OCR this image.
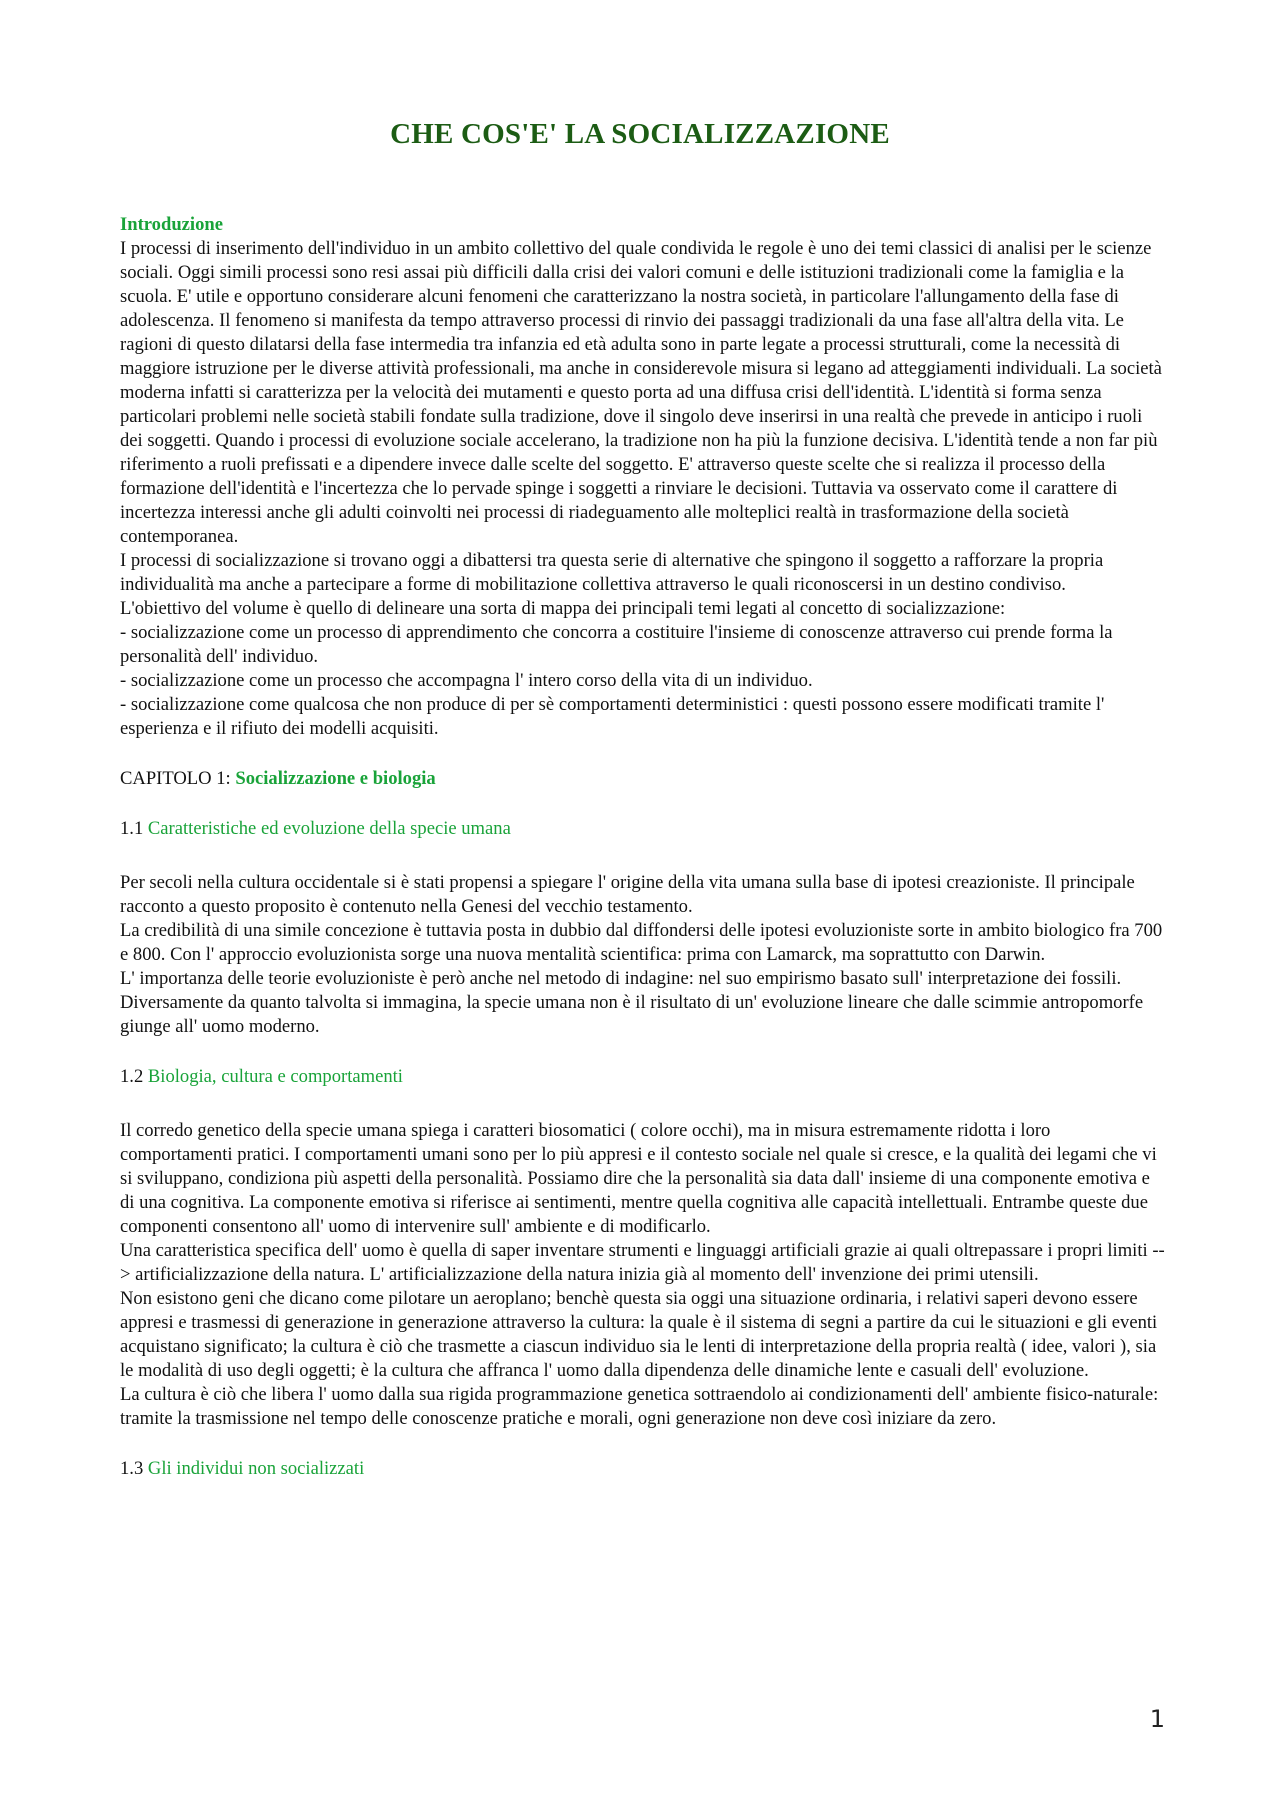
CHE COS'E' LA SOCIALIZZAZIONE

Introduzione

I processi di inserimento dell'individuo in un ambito collettivo del quale condivida le regole è uno dei temi classici di analisi per le scienze sociali. Oggi simili processi sono resi assai più difficili dalla crisi dei valori comuni e delle istituzioni tradizionali come la famiglia e la scuola. E' utile e opportuno considerare alcuni fenomeni che caratterizzano la nostra società, in particolare l'allungamento della fase di adolescenza. Il fenomeno si manifesta da tempo attraverso processi di rinvio dei passaggi tradizionali da una fase all'altra della vita. Le ragioni di questo dilatarsi della fase intermedia tra infanzia ed età adulta sono in parte legate a processi strutturali, come la necessità di maggiore istruzione per le diverse attività professionali, ma anche in considerevole misura si legano ad atteggiamenti individuali. La società moderna infatti si caratterizza per la velocità dei mutamenti e questo porta ad una diffusa crisi dell'identità. L'identità si forma senza particolari problemi nelle società stabili fondate sulla tradizione, dove il singolo deve inserirsi in una realtà che prevede in anticipo i ruoli dei soggetti. Quando i processi di evoluzione sociale accelerano, la tradizione non ha più la funzione decisiva. L'identità tende a non far più riferimento a ruoli prefissati e a dipendere invece dalle scelte del soggetto. E' attraverso queste scelte che si realizza il processo della formazione dell'identità e l'incertezza che lo pervade spinge i soggetti a rinviare le decisioni. Tuttavia va osservato come il carattere di incertezza interessi anche gli adulti coinvolti nei processi di riadeguamento alle molteplici realtà in trasformazione della società contemporanea.

I processi di socializzazione si trovano oggi a dibattersi tra questa serie di alternative che spingono il soggetto a rafforzare la propria individualità ma anche a partecipare a forme di mobilitazione collettiva attraverso le quali riconoscersi in un destino condiviso.

L'obiettivo del volume è quello di delineare una sorta di mappa dei principali temi legati al concetto di socializzazione:

- socializzazione come un processo di apprendimento che concorra a costituire l'insieme di conoscenze attraverso cui prende forma la personalità dell' individuo.

- socializzazione come un processo che accompagna l' intero corso della vita di un individuo.

- socializzazione come qualcosa che non produce di per sè comportamenti deterministici : questi possono essere modificati tramite l' esperienza e il rifiuto dei modelli acquisiti.

CAPITOLO 1: Socializzazione e biologia

1.1 Caratteristiche ed evoluzione della specie umana

Per secoli nella cultura occidentale si è stati propensi a spiegare l' origine della vita umana sulla base di ipotesi creazioniste. Il principale racconto a questo proposito è contenuto nella Genesi del vecchio testamento.

La credibilità di una simile concezione è tuttavia posta in dubbio dal diffondersi delle ipotesi evoluzioniste sorte in ambito biologico fra 700 e 800. Con l' approccio evoluzionista sorge una nuova mentalità scientifica: prima con Lamarck, ma soprattutto con Darwin.

L' importanza delle teorie evoluzioniste è però anche nel metodo di indagine: nel suo empirismo basato sull' interpretazione dei fossili.

Diversamente da quanto talvolta si immagina, la specie umana non è il risultato di un' evoluzione lineare che dalle scimmie antropomorfe giunge all' uomo moderno.

1.2 Biologia, cultura e comportamenti

Il corredo genetico della specie umana spiega i caratteri biosomatici ( colore occhi), ma in misura estremamente ridotta i loro comportamenti pratici. I comportamenti umani sono per lo più appresi e il contesto sociale nel quale si cresce, e la qualità dei legami che vi si sviluppano, condiziona più aspetti della personalità. Possiamo dire che la personalità sia data dall' insieme di una componente emotiva e di una cognitiva. La componente emotiva si riferisce ai sentimenti, mentre quella cognitiva alle capacità intellettuali. Entrambe queste due componenti consentono all' uomo di intervenire sull' ambiente e di modificarlo.

Una caratteristica specifica dell' uomo è quella di saper inventare strumenti e linguaggi artificiali grazie ai quali oltrepassare i propri limiti --> artificializzazione della natura. L' artificializzazione della natura inizia già al momento dell' invenzione dei primi utensili.

Non esistono geni che dicano come pilotare un aeroplano; benchè questa sia oggi una situazione ordinaria, i relativi saperi devono essere appresi e trasmessi di generazione in generazione attraverso la cultura: la quale è il sistema di segni a partire da cui le situazioni e gli eventi acquistano significato; la cultura è ciò che trasmette a ciascun individuo sia le lenti di interpretazione della propria realtà ( idee, valori ), sia le modalità di uso degli oggetti; è la cultura che affranca l' uomo dalla dipendenza delle dinamiche lente e casuali dell' evoluzione.

La cultura è ciò che libera l' uomo dalla sua rigida programmazione genetica sottraendolo ai condizionamenti dell' ambiente fisico-naturale: tramite la trasmissione nel tempo delle conoscenze pratiche e morali, ogni generazione non deve così iniziare da zero.

1.3 Gli individui non socializzati

1
